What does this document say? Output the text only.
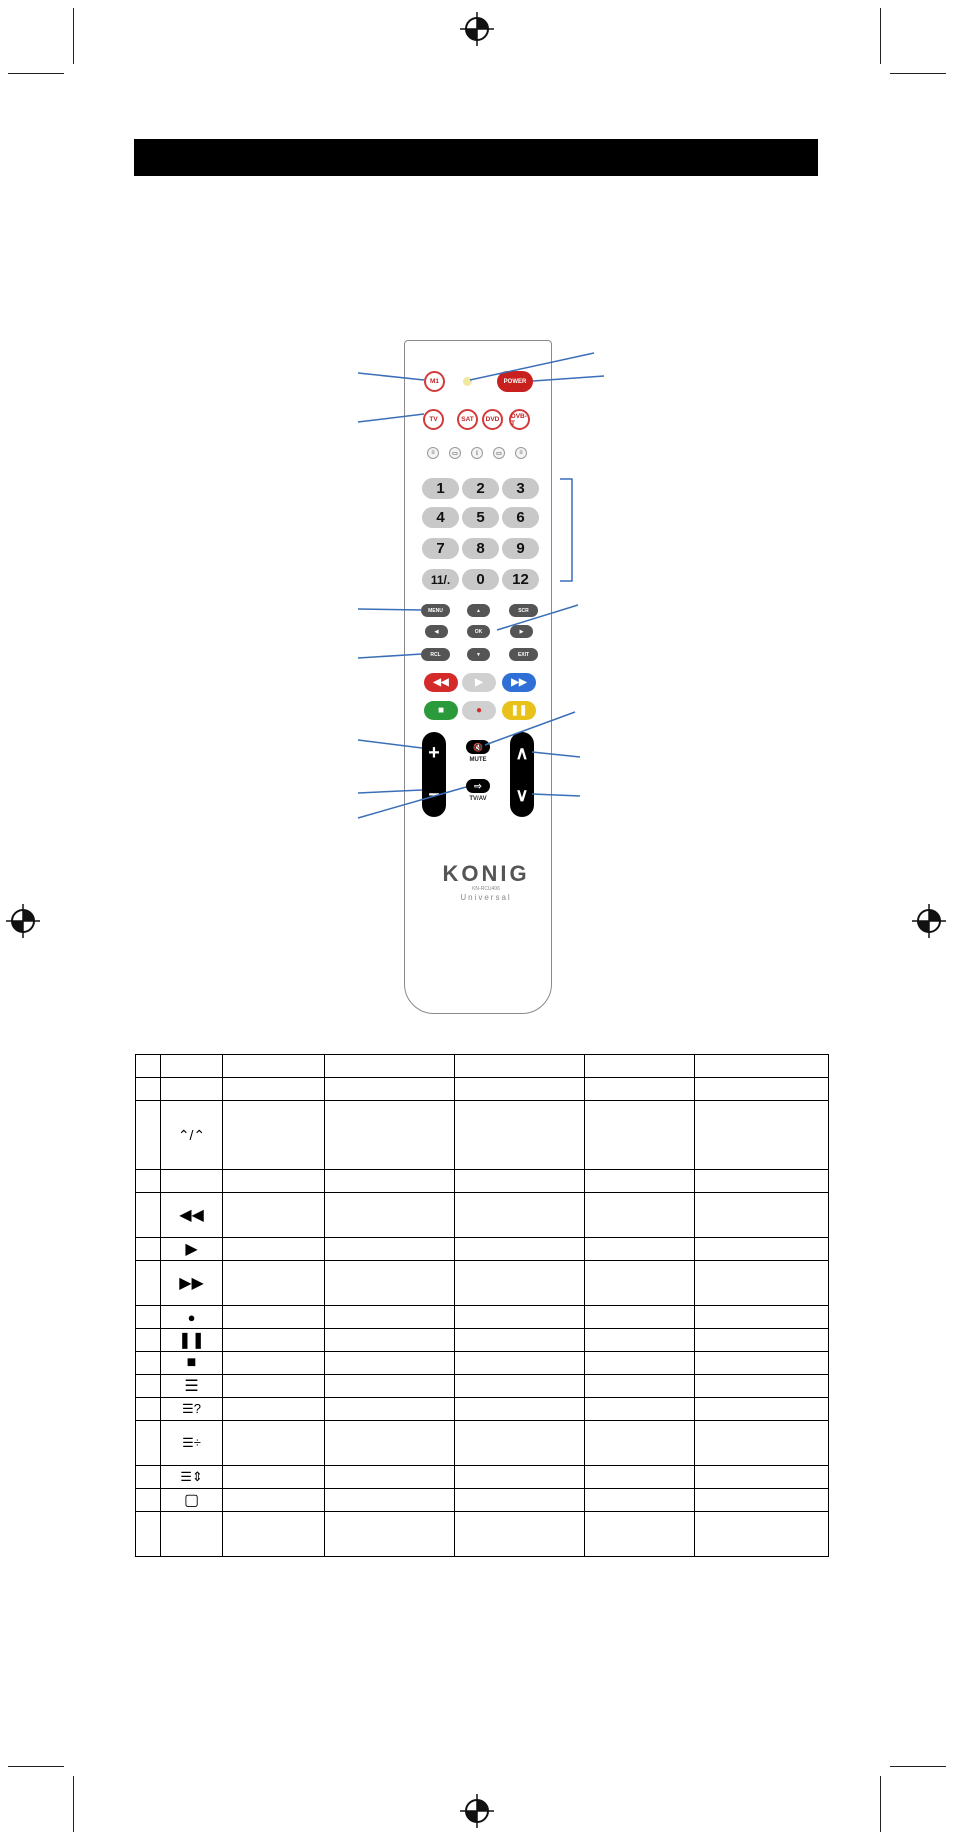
M1	POWER
TV	SAT	DVD	DVB-T
≡	▭	ⅰ	▭	≡
1	2	3
4	5	6
7	8	9
11/.	0	12
MENU	▲	SCR
◀	OK	▶
RCL	▼	EXIT
◀◀	▶	▶▶
■	●	❚❚
+
−
∧
∨
🔇
MUTE
⇨
TV/AV
KONIG
KN-RCU406
Universal

	⌃/⌃					

	◀◀					
	▶					
	▶▶					
	●					
	❚❚					
	■					
	☰					
	☰?					
	☰÷					
	☰⇕					
	▢					
